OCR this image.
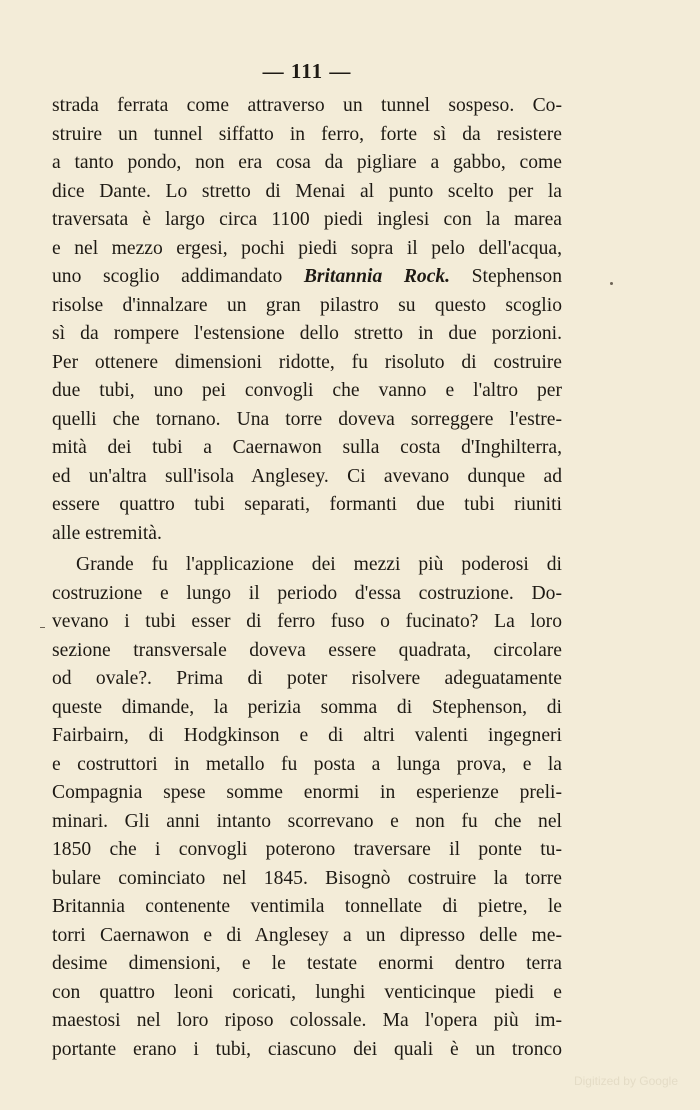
— 111 —
strada ferrata come attraverso un tunnel sospeso. Co-
struire un tunnel siffatto in ferro, forte sì da resistere
a tanto pondo, non era cosa da pigliare a gabbo, come
dice Dante. Lo stretto di Menai al punto scelto per la
traversata è largo circa 1100 piedi inglesi con la marea
e nel mezzo ergesi, pochi piedi sopra il pelo dell'acqua,
uno scoglio addimandato Britannia Rock. Stephenson
risolse d'innalzare un gran pilastro su questo scoglio
sì da rompere l'estensione dello stretto in due porzioni.
Per ottenere dimensioni ridotte, fu risoluto di costruire
due tubi, uno pei convogli che vanno e l'altro per
quelli che tornano. Una torre doveva sorreggere l'estre-
mità dei tubi a Caernawon sulla costa d'Inghilterra,
ed un'altra sull'isola Anglesey. Ci avevano dunque ad
essere quattro tubi separati, formanti due tubi riuniti
alle estremità.
Grande fu l'applicazione dei mezzi più poderosi di
costruzione e lungo il periodo d'essa costruzione. Do-
vevano i tubi esser di ferro fuso o fucinato? La loro
sezione transversale doveva essere quadrata, circolare
od ovale?. Prima di poter risolvere adeguatamente
queste dimande, la perizia somma di Stephenson, di
Fairbairn, di Hodgkinson e di altri valenti ingegneri
e costruttori in metallo fu posta a lunga prova, e la
Compagnia spese somme enormi in esperienze preli-
minari. Gli anni intanto scorrevano e non fu che nel
1850 che i convogli poterono traversare il ponte tu-
bulare cominciato nel 1845. Bisognò costruire la torre
Britannia contenente ventimila tonnellate di pietre, le
torri Caernawon e di Anglesey a un dipresso delle me-
desime dimensioni, e le testate enormi dentro terra
con quattro leoni coricati, lunghi venticinque piedi e
maestosi nel loro riposo colossale. Ma l'opera più im-
portante erano i tubi, ciascuno dei quali è un tronco
Digitized by Google
